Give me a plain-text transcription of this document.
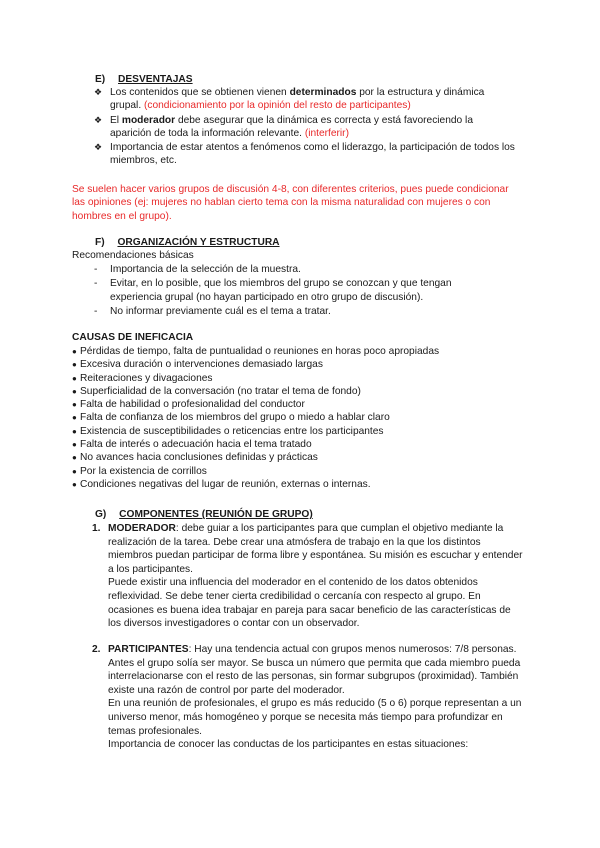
E) DESVENTAJAS
❖ Los contenidos que se obtienen vienen determinados por la estructura y dinámica grupal. (condicionamiento por la opinión del resto de participantes)
❖ El moderador debe asegurar que la dinámica es correcta y está favoreciendo la aparición de toda la información relevante. (interferir)
❖ Importancia de estar atentos a fenómenos como el liderazgo, la participación de todos los miembros, etc.
Se suelen hacer varios grupos de discusión 4-8, con diferentes criterios, pues puede condicionar las opiniones (ej: mujeres no hablan cierto tema con la misma naturalidad con mujeres o con hombres en el grupo).
F) ORGANIZACIÓN Y ESTRUCTURA
Recomendaciones básicas
- Importancia de la selección de la muestra.
- Evitar, en lo posible, que los miembros del grupo se conozcan y que tengan experiencia grupal (no hayan participado en otro grupo de discusión).
- No informar previamente cuál es el tema a tratar.
CAUSAS DE INEFICACIA
● Pérdidas de tiempo, falta de puntualidad o reuniones en horas poco apropiadas
● Excesiva duración o intervenciones demasiado largas
● Reiteraciones y divagaciones
● Superficialidad de la conversación (no tratar el tema de fondo)
● Falta de habilidad o profesionalidad del conductor
● Falta de confianza de los miembros del grupo o miedo a hablar claro
● Existencia de susceptibilidades o reticencias entre los participantes
● Falta de interés o adecuación hacia el tema tratado
● No avances hacia conclusiones definidas y prácticas
● Por la existencia de corrillos
● Condiciones negativas del lugar de reunión, externas o internas.
G) COMPONENTES (REUNIÓN DE GRUPO)
1. MODERADOR: debe guiar a los participantes para que cumplan el objetivo mediante la realización de la tarea. Debe crear una atmósfera de trabajo en la que los distintos miembros puedan participar de forma libre y espontánea. Su misión es escuchar y entender a los participantes.
Puede existir una influencia del moderador en el contenido de los datos obtenidos reflexividad. Se debe tener cierta credibilidad o cercanía con respecto al grupo. En ocasiones es buena idea trabajar en pareja para sacar beneficio de las características de los diversos investigadores o contar con un observador.
2. PARTICIPANTES: Hay una tendencia actual con grupos menos numerosos: 7/8 personas. Antes el grupo solía ser mayor. Se busca un número que permita que cada miembro pueda interrelacionarse con el resto de las personas, sin formar subgrupos (proximidad). También existe una razón de control por parte del moderador.
En una reunión de profesionales, el grupo es más reducido (5 o 6) porque representan a un universo menor, más homogéneo y porque se necesita más tiempo para profundizar en temas profesionales.
Importancia de conocer las conductas de los participantes en estas situaciones:
